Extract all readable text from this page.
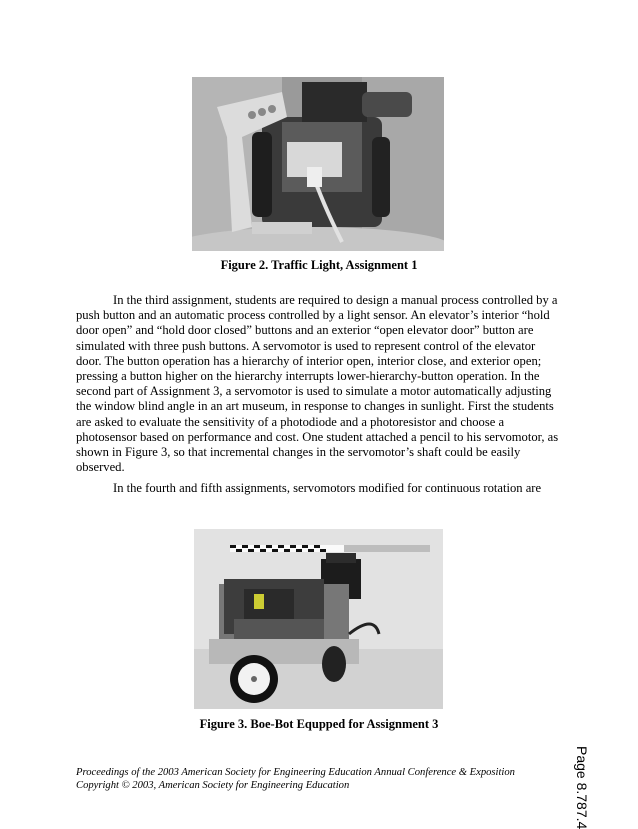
Figure 2. Traffic Light, Assignment 1
In the third assignment, students are required to design a manual process controlled by a push button and an automatic process controlled by a light sensor. An elevator’s interior “hold door open” and “hold door closed” buttons and an exterior “open elevator door” button are simulated with three push buttons. A servomotor is used to represent control of the elevator door. The button operation has a hierarchy of interior open, interior close, and exterior open; pressing a button higher on the hierarchy interrupts lower-hierarchy-button operation. In the second part of Assignment 3, a servomotor is used to simulate a motor automatically adjusting the window blind angle in an art museum, in response to changes in sunlight. First the students are asked to evaluate the sensitivity of a photodiode and a photoresistor and choose a photosensor based on performance and cost. One student attached a pencil to his servomotor, as shown in Figure 3, so that incremental changes in the servomotor’s shaft could be easily observed.
In the fourth and fifth assignments, servomotors modified for continuous rotation are
Figure 3. Boe-Bot Equpped for Assignment 3
Proceedings of the 2003 American Society for Engineering Education Annual Conference & Exposition
Copyright © 2003, American Society for Engineering Education	Page 8.787.4
